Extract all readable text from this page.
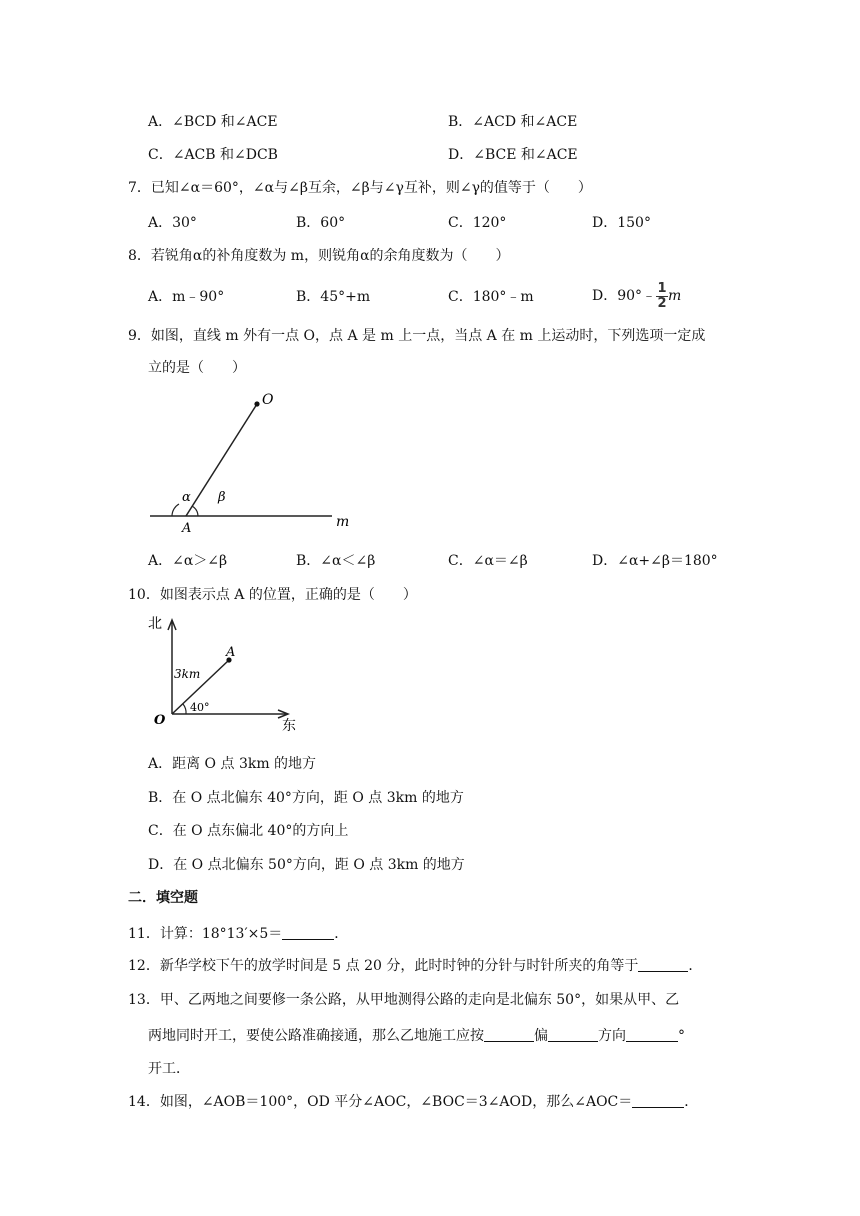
A．∠BCD 和∠ACE	B．∠ACD 和∠ACE
C．∠ACB 和∠DCB	D．∠BCE 和∠ACE
7．已知∠α＝60°，∠α与∠β互余，∠β与∠γ互补，则∠γ的值等于（　　）
A．30°	B．60°	C．120°	D．150°
8．若锐角α的补角度数为 m，则锐角α的余角度数为（　　）
A．m﹣90°	B．45°+m	C．180°﹣m	D．90°﹣ $\frac{1}{2}$ m
9．如图，直线 m 外有一点 O，点 A 是 m 上一点，当点 A 在 m 上运动时，下列选项一定成
立的是（　　）
O
α β
A	m
A．∠α＞∠β	B．∠α＜∠β	C．∠α＝∠β	D．∠α+∠β＝180°
10．如图表示点 A 的位置，正确的是（　　）
北
东
O
A
3km
40°
A．距离 O 点 3km 的地方
B．在 O 点北偏东 40°方向，距 O 点 3km 的地方
C．在 O 点东偏北 40°的方向上
D．在 O 点北偏东 50°方向，距 O 点 3km 的地方
二．填空题
11．计算：18°13′×5＝	．
12．新华学校下午的放学时间是 5 点 20 分，此时时钟的分针与时针所夹的角等于	．
13．甲、乙两地之间要修一条公路，从甲地测得公路的走向是北偏东 50°，如果从甲、乙
两地同时开工，要使公路准确接通，那么乙地施工应按	偏	方向	°
开工．
14．如图，∠AOB＝100°，OD 平分∠AOC，∠BOC＝3∠AOD，那么∠AOC＝	．
